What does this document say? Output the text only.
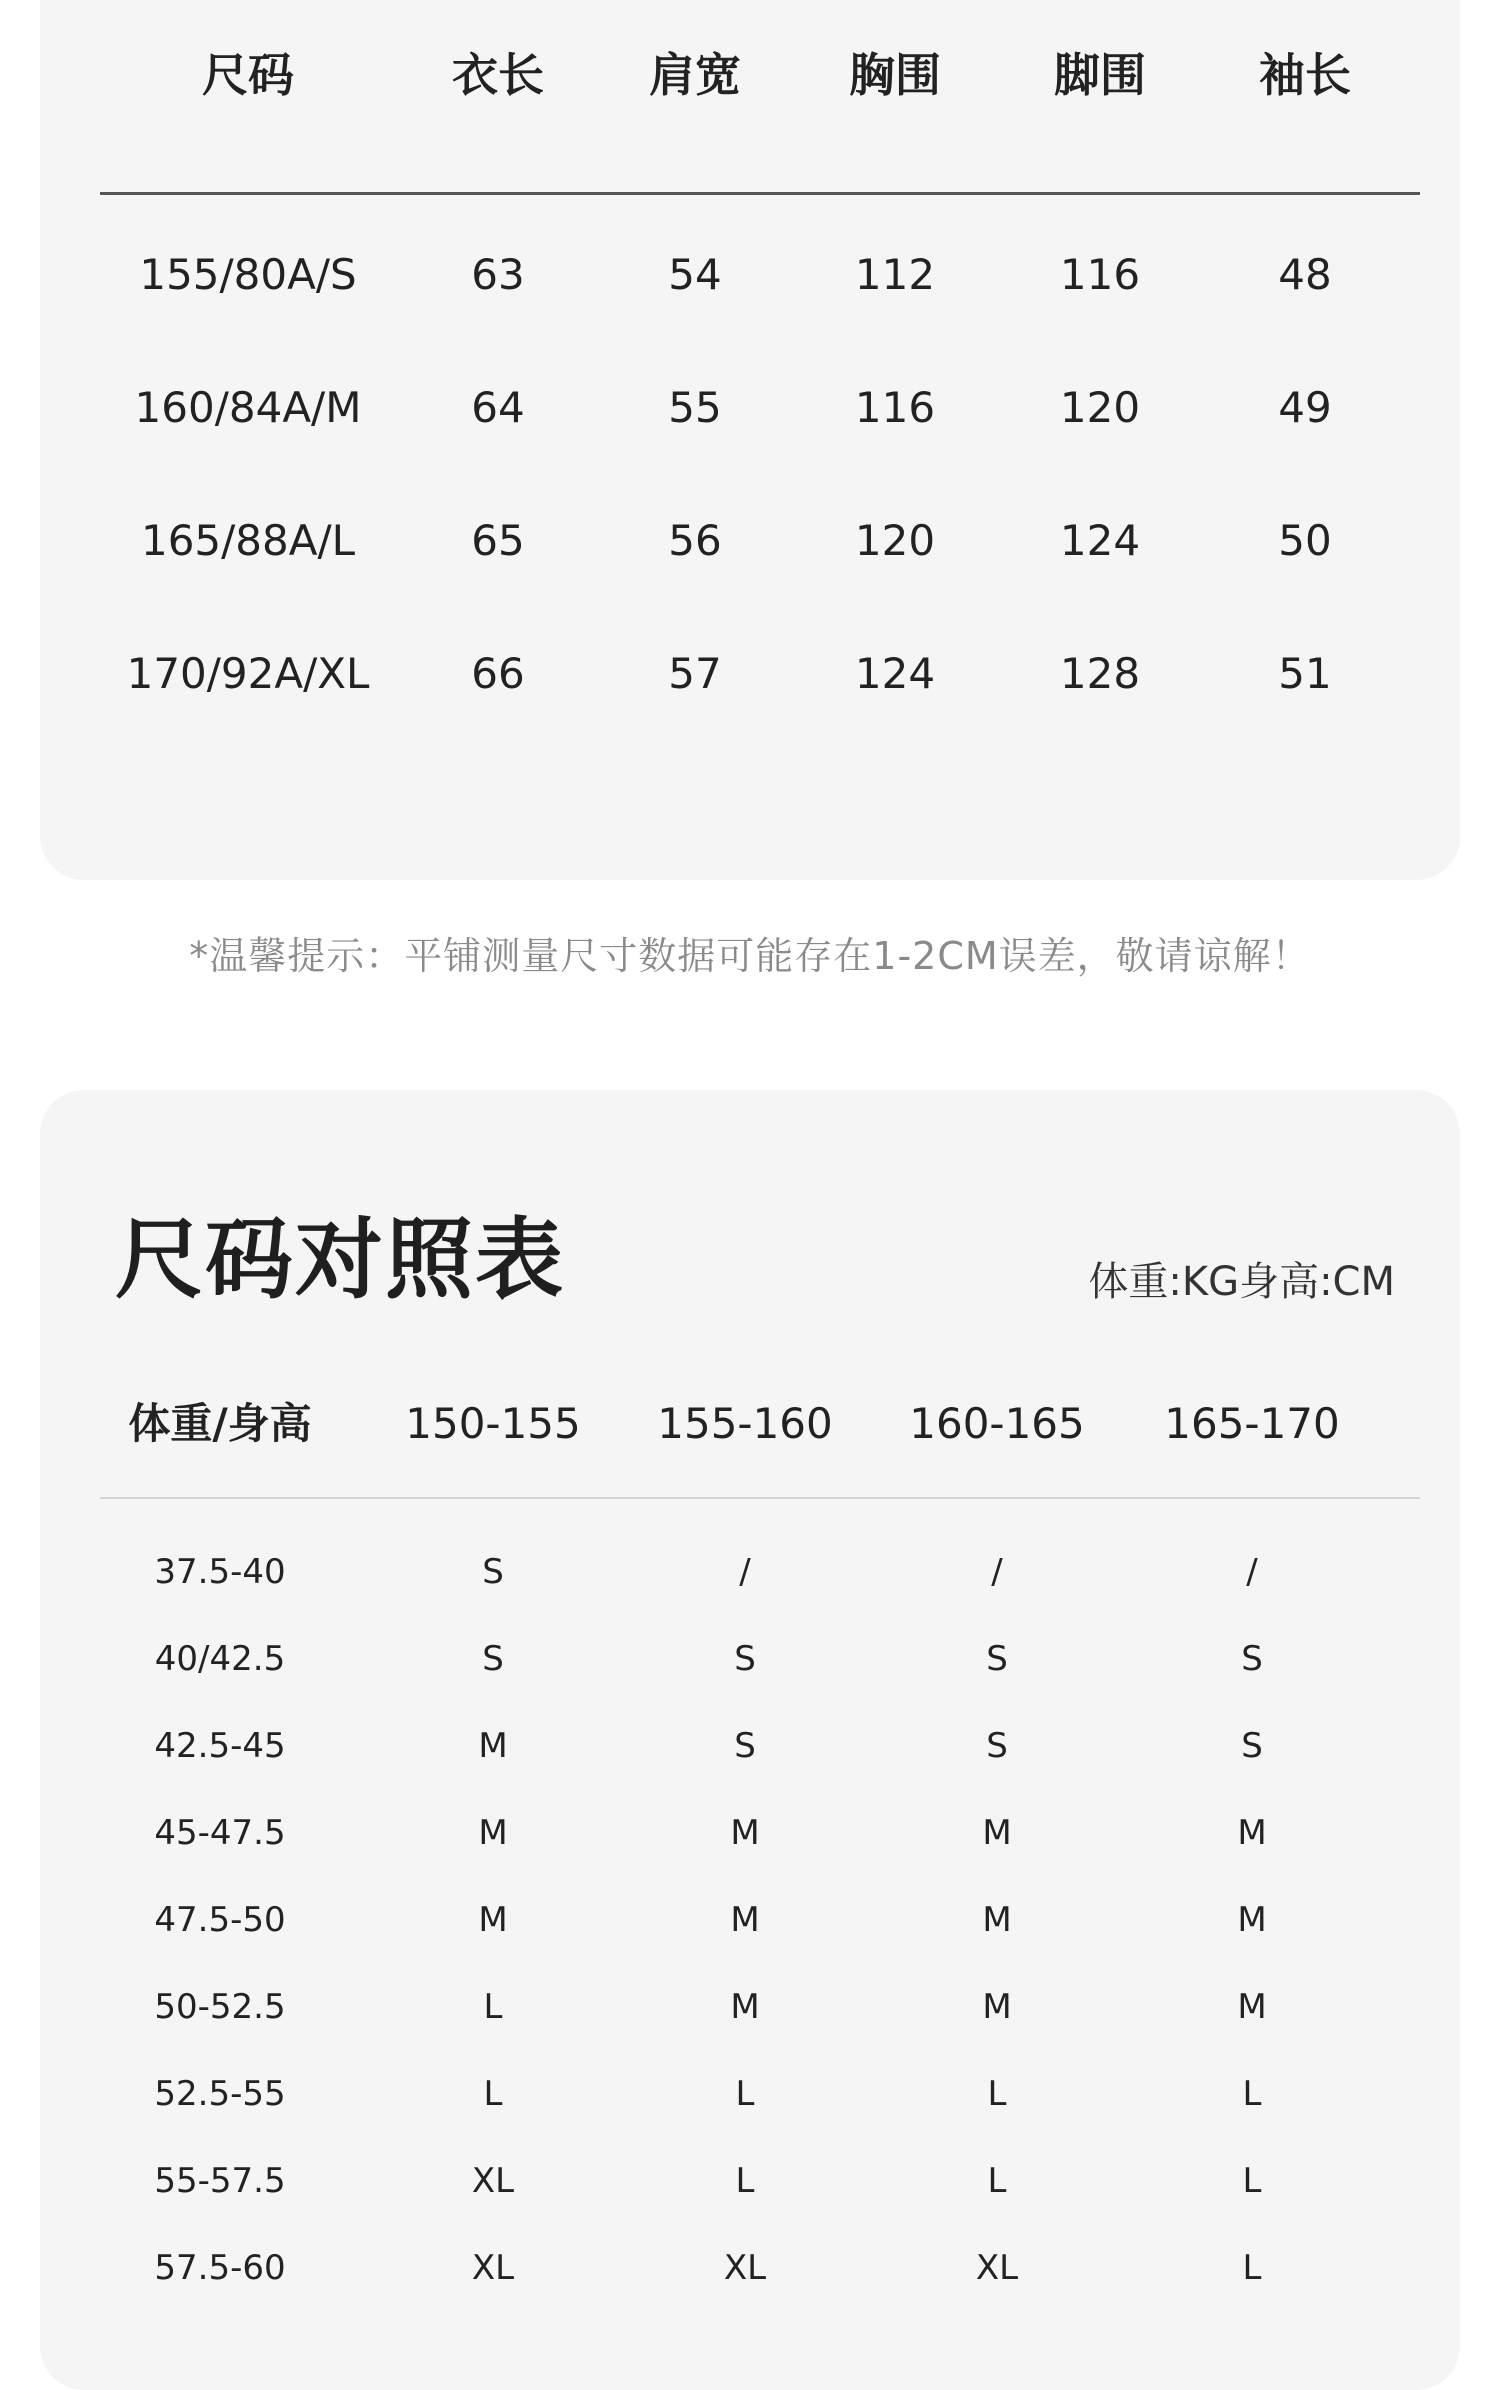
尺码	衣长 肩宽 胸围 脚围 袖长
155/80A/S	63	54	112	116	48
160/84A/M	64	55	116	120	49
165/88A/L	65	56	120	124	50
170/92A/XL 66	57	124	128	51
*温馨提示：平铺测量尺寸数据可能存在1-2CM误差，敬请谅解！
尺码对照表	体重:KG身高:CM
体重/身高 150-155 155-160 160-165 165-170
37.5-40	S	/	/	/
40/42.5	S	S	S	S
42.5-45	M	S	S	S
45-47.5	M	M	M	M
47.5-50	M	M	M	M
50-52.5	L	M	M	M
52.5-55	L	L	L	L
55-57.5	XL	L	L	L
57.5-60	XL	XL	XL	L
